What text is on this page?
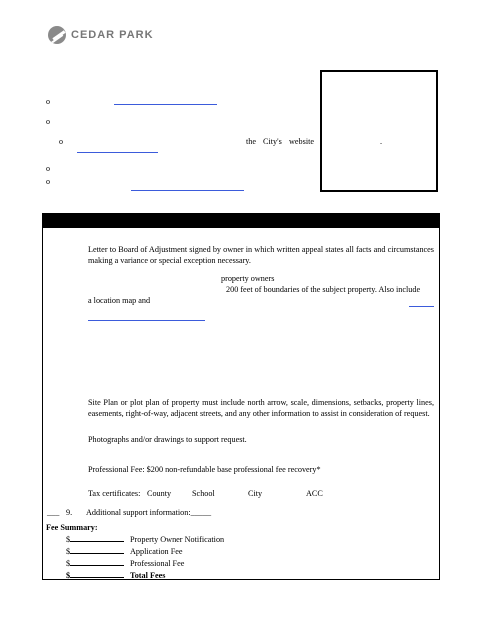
CEDAR PARK
o
o
o	the City's website	.
o
o
Letter to Board of Adjustment signed by owner in which written appeal states all facts and circumstances making a variance or special exception necessary.
property owners
200 feet of boundaries of the subject property. Also include
a location map and
Site Plan or plot plan of property must include north arrow, scale, dimensions, setbacks, property lines, easements, right-of-way, adjacent streets, and any other information to assist in consideration of request.
Photographs and/or drawings to support request.
Professional Fee: $200 non-refundable base professional fee recovery*
Tax certificates: County	School	City	ACC
___ 9. Additional support information:_____
Fee Summary:
$	Property Owner Notification
$	Application Fee
$	Professional Fee
$	Total Fees
